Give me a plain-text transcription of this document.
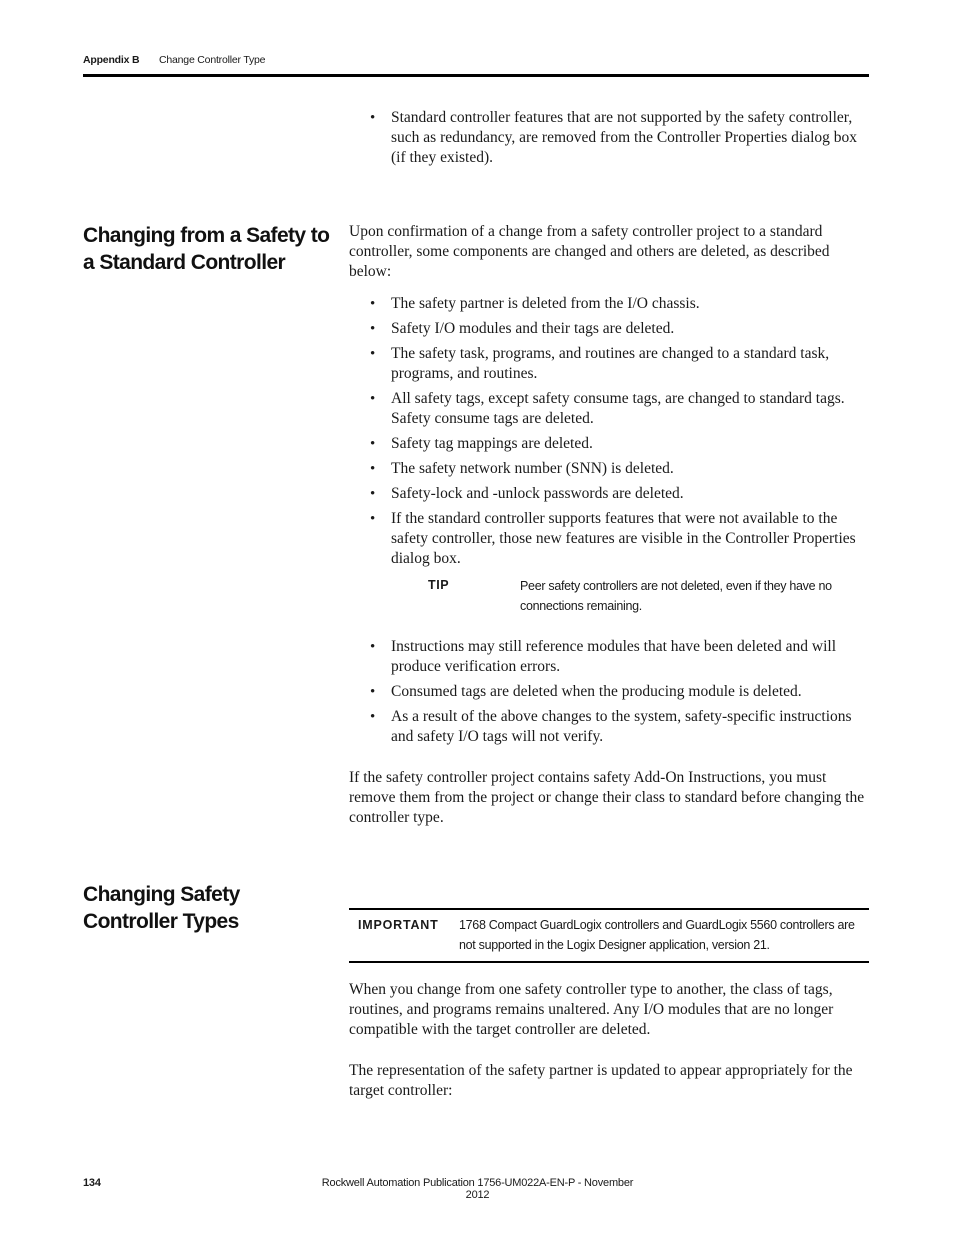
Appendix B Change Controller Type
• Standard controller features that are not supported by the safety controller, such as redundancy, are removed from the Controller Properties dialog box (if they existed).
Changing from a Safety to a Standard Controller

Upon confirmation of a change from a safety controller project to a standard controller, some components are changed and others are deleted, as described below:

• The safety partner is deleted from the I/O chassis.
• Safety I/O modules and their tags are deleted.
• The safety task, programs, and routines are changed to a standard task, programs, and routines.
• All safety tags, except safety consume tags, are changed to standard tags. Safety consume tags are deleted.
• Safety tag mappings are deleted.
• The safety network number (SNN) is deleted.
• Safety-lock and -unlock passwords are deleted.
• If the standard controller supports features that were not available to the safety controller, those new features are visible in the Controller Properties dialog box.
TIP	Peer safety controllers are not deleted, even if they have no connections remaining.
• Instructions may still reference modules that have been deleted and will produce verification errors.
• Consumed tags are deleted when the producing module is deleted.
• As a result of the above changes to the system, safety-specific instructions and safety I/O tags will not verify.

If the safety controller project contains safety Add-On Instructions, you must remove them from the project or change their class to standard before changing the controller type.

Changing Safety Controller Types	IMPORTANT 1768 Compact GuardLogix controllers and GuardLogix 5560 controllers are not supported in the Logix Designer application, version 21.

When you change from one safety controller type to another, the class of tags, routines, and programs remains unaltered. Any I/O modules that are no longer compatible with the target controller are deleted.

The representation of the safety partner is updated to appear appropriately for the target controller:

134	Rockwell Automation Publication 1756-UM022A-EN-P - November 2012
